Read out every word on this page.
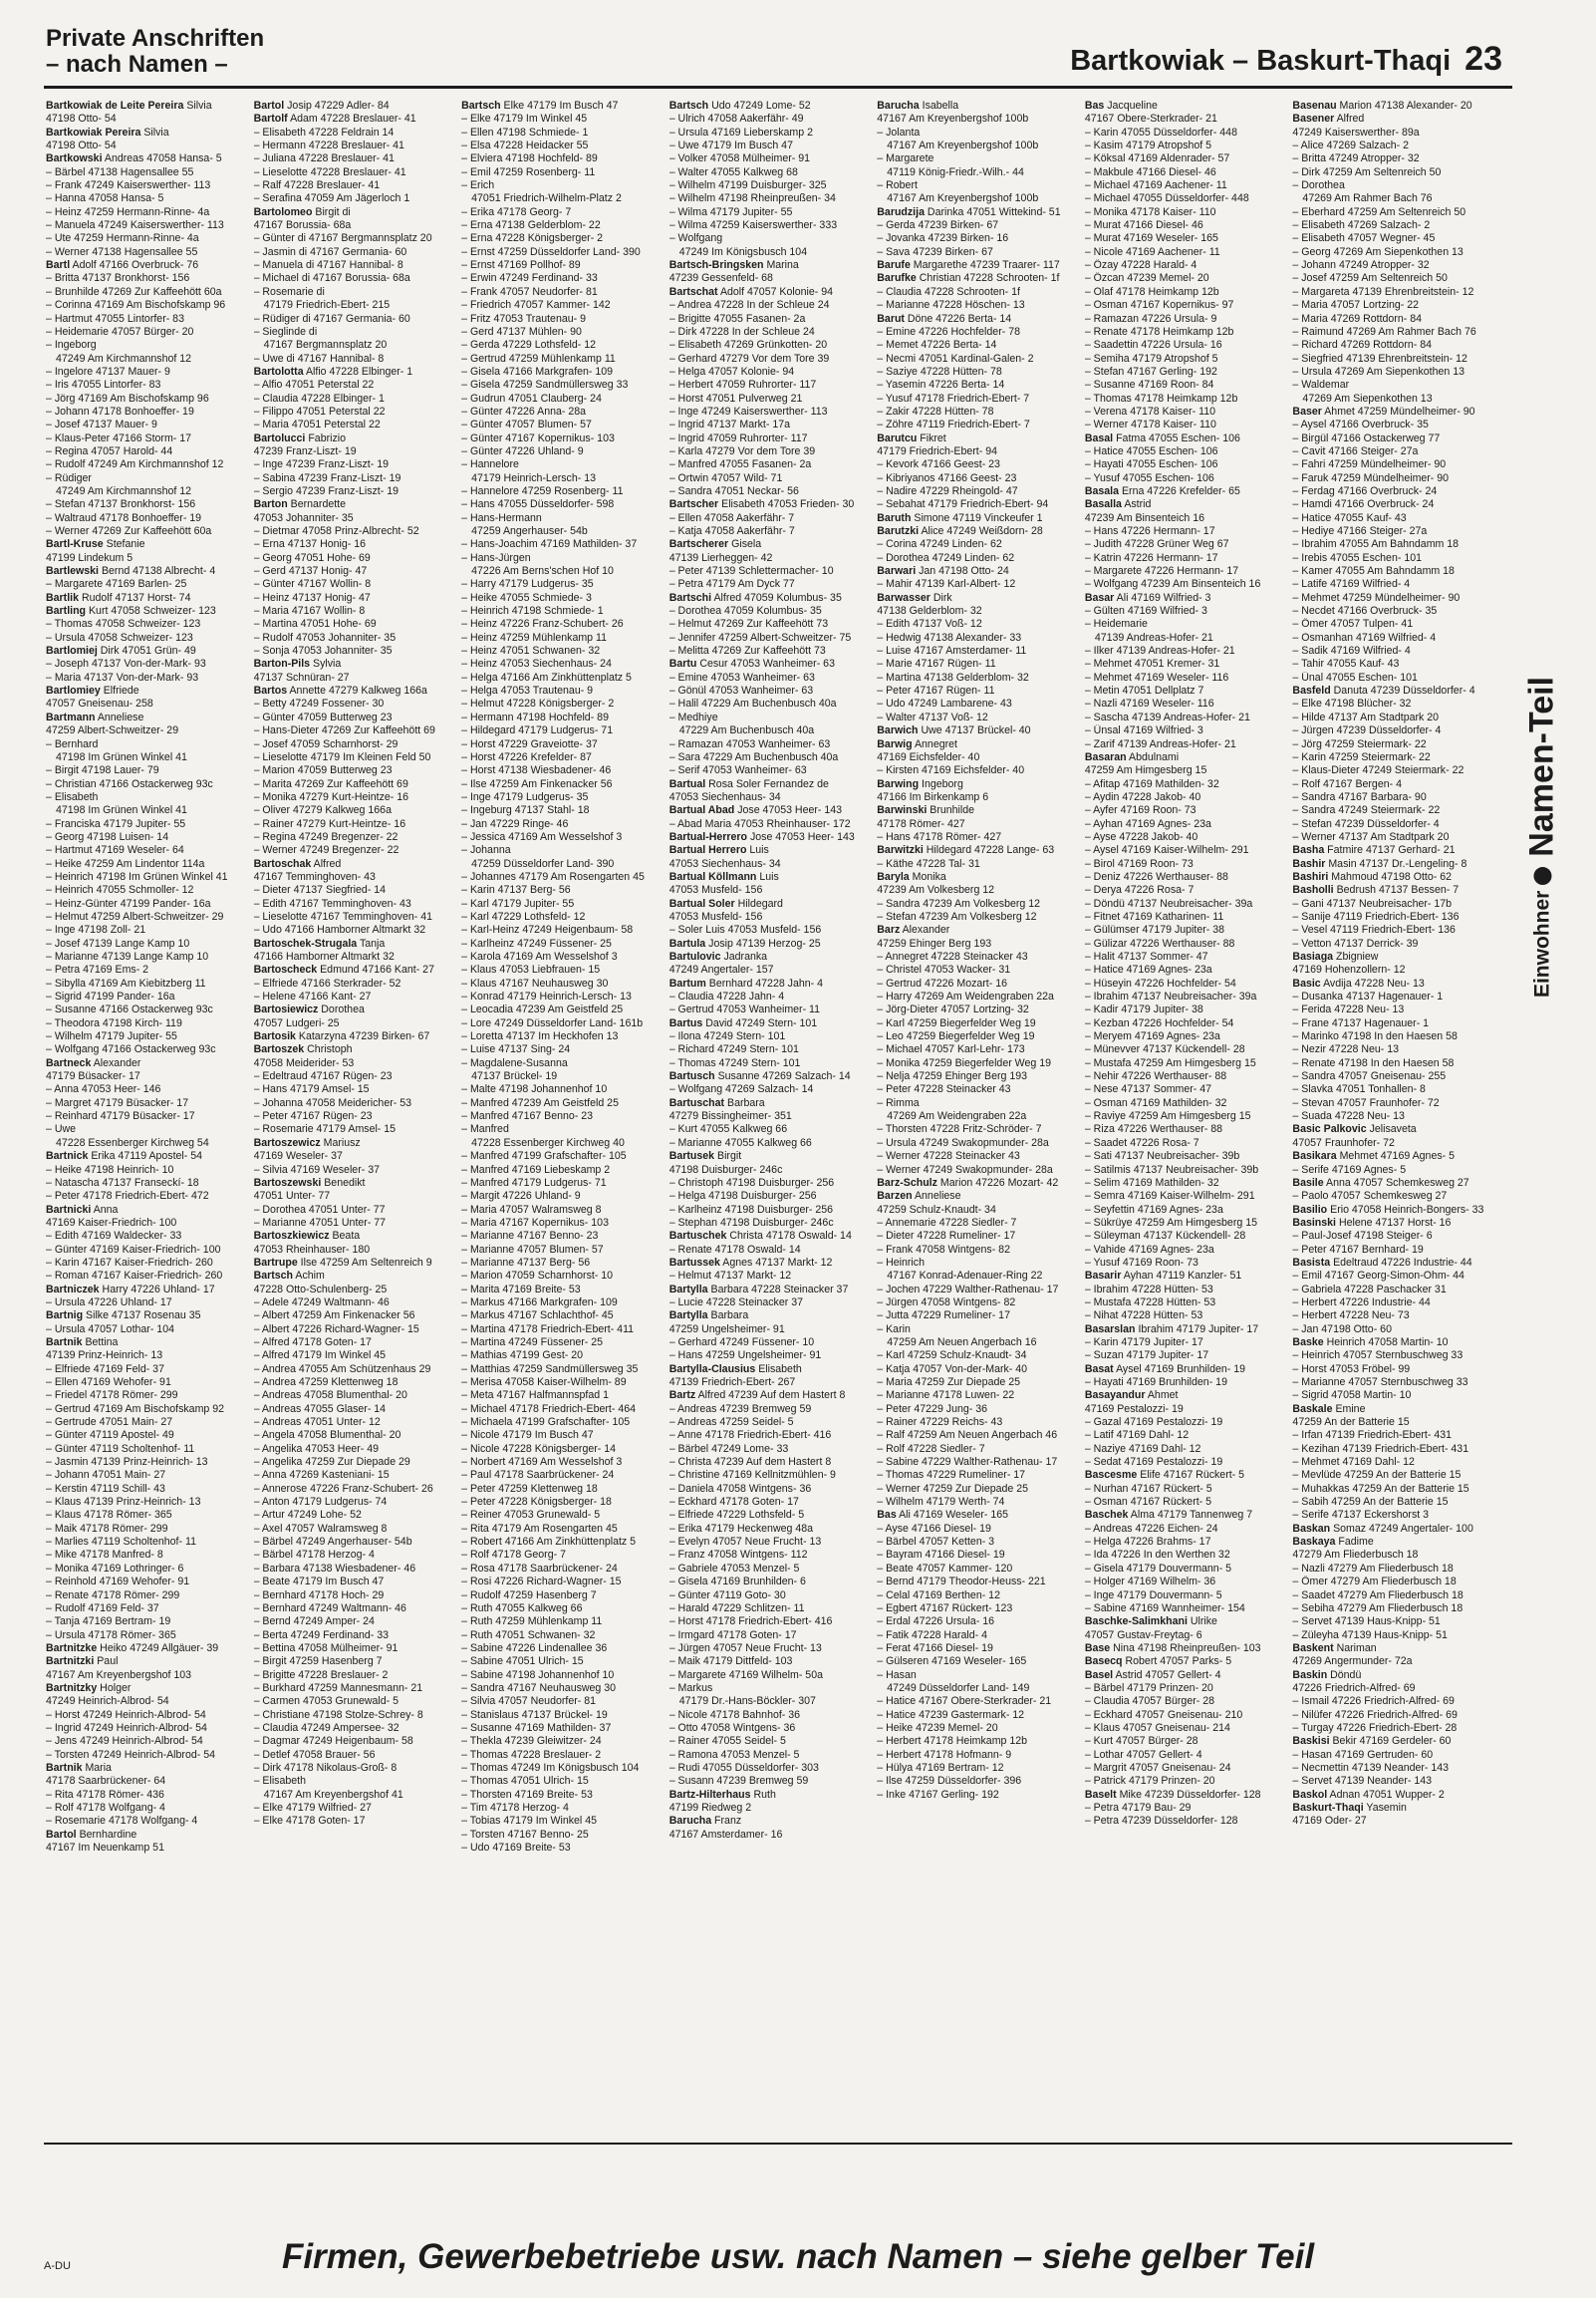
Private Anschriften
– nach Namen –	Bartkowiak – Baskurt-Thaqi 23
Bartkowiak de Leite Pereira Silvia
47198 Otto- 54
Bartkowiak Pereira Silvia
47198 Otto- 54
Bartkowski Andreas 47058 Hansa- 5
– Bärbel 47138 Hagensallee 55
– Frank 47249 Kaiserswerther- 113
– Hanna 47058 Hansa- 5
– Heinz 47259 Hermann-Rinne- 4a
– Manuela 47249 Kaiserswerther- 113
– Ute 47259 Hermann-Rinne- 4a
– Werner 47138 Hagensallee 55
Bartl Adolf 47166 Overbruck- 76
– Britta 47137 Bronkhorst- 156
– Brunhilde 47269 Zur Kaffeehött 60a
– Corinna 47169 Am Bischofskamp 96
– Hartmut 47055 Lintorfer- 83
– Heidemarie 47057 Bürger- 20
– Ingeborg
47249 Am Kirchmannshof 12
– Ingelore 47137 Mauer- 9
– Iris 47055 Lintorfer- 83
– Jörg 47169 Am Bischofskamp 96
– Johann 47178 Bonhoeffer- 19
– Josef 47137 Mauer- 9
– Klaus-Peter 47166 Storm- 17
– Regina 47057 Harold- 44
– Rudolf 47249 Am Kirchmannshof 12
– Rüdiger
47249 Am Kirchmannshof 12
– Stefan 47137 Bronkhorst- 156
– Waltraud 47178 Bonhoeffer- 19
– Werner 47269 Zur Kaffeehött 60a
Bartl-Kruse Stefanie
47199 Lindekum 5
Bartlewski Bernd 47138 Albrecht- 4
– Margarete 47169 Barlen- 25
Bartlik Rudolf 47137 Horst- 74
Bartling Kurt 47058 Schweizer- 123
– Thomas 47058 Schweizer- 123
– Ursula 47058 Schweizer- 123
Bartlomiej Dirk 47051 Grün- 49
– Joseph 47137 Von-der-Mark- 93
– Maria 47137 Von-der-Mark- 93
Bartlomiey Elfriede
47057 Gneisenau- 258
Bartmann Anneliese
47259 Albert-Schweitzer- 29
– Bernhard
47198 Im Grünen Winkel 41
– Birgit 47198 Lauer- 79
– Christian 47166 Ostackerweg 93c
– Elisabeth
47198 Im Grünen Winkel 41
– Franciska 47179 Jupiter- 55
– Georg 47198 Luisen- 14
– Hartmut 47169 Weseler- 64
– Heike 47259 Am Lindentor 114a
– Heinrich 47198 Im Grünen Winkel 41
– Heinrich 47055 Schmoller- 12
– Heinz-Günter 47199 Pander- 16a
– Helmut 47259 Albert-Schweitzer- 29
– Inge 47198 Zoll- 21
– Josef 47139 Lange Kamp 10
– Marianne 47139 Lange Kamp 10
– Petra 47169 Ems- 2
– Sibylla 47169 Am Kiebitzberg 11
– Sigrid 47199 Pander- 16a
– Susanne 47166 Ostackerweg 93c
– Theodora 47198 Kirch- 119
– Wilhelm 47179 Jupiter- 55
– Wolfgang 47166 Ostackerweg 93c
Bartneck Alexander
47179 Büsacker- 17
– Anna 47053 Heer- 146
– Margret 47179 Büsacker- 17
– Reinhard 47179 Büsacker- 17
– Uwe
47228 Essenberger Kirchweg 54
Bartnick Erika 47119 Apostel- 54
– Heike 47198 Heinrich- 10
– Natascha 47137 Franseckí- 18
– Peter 47178 Friedrich-Ebert- 472
Bartnicki Anna
47169 Kaiser-Friedrich- 100
– Edith 47169 Waldecker- 33
– Günter 47169 Kaiser-Friedrich- 100
– Karin 47167 Kaiser-Friedrich- 260
– Roman 47167 Kaiser-Friedrich- 260
Bartniczek Harry 47226 Uhland- 17
– Ursula 47226 Uhland- 17
Bartnig Silke 47137 Rosenau 35
– Ursula 47057 Lothar- 104
Bartnik Bettina
47139 Prinz-Heinrich- 13
– Elfriede 47169 Feld- 37
– Ellen 47169 Wehofer- 91
– Friedel 47178 Römer- 299
– Gertrud 47169 Am Bischofskamp 92
– Gertrude 47051 Main- 27
– Günter 47119 Apostel- 49
– Günter 47119 Scholtenhof- 11
– Jasmin 47139 Prinz-Heinrich- 13
– Johann 47051 Main- 27
– Kerstin 47119 Schill- 43
– Klaus 47139 Prinz-Heinrich- 13
– Klaus 47178 Römer- 365
– Maik 47178 Römer- 299
– Marlies 47119 Scholtenhof- 11
– Mike 47178 Manfred- 8
– Monika 47169 Lothringer- 6
– Reinhold 47169 Wehofer- 91
– Renate 47178 Römer- 299
– Rudolf 47169 Feld- 37
– Tanja 47169 Bertram- 19
– Ursula 47178 Römer- 365
Bartnitzke Heiko 47249 Allgäuer- 39
Bartnitzki Paul
47167 Am Kreyenbergshof 103
Bartnitzky Holger
47249 Heinrich-Albrod- 54
– Horst 47249 Heinrich-Albrod- 54
– Ingrid 47249 Heinrich-Albrod- 54
– Jens 47249 Heinrich-Albrod- 54
– Torsten 47249 Heinrich-Albrod- 54
Bartnik Maria
47178 Saarbrückener- 64
– Rita 47178 Römer- 436
– Rolf 47178 Wolfgang- 4
– Rosemarie 47178 Wolfgang- 4
Bartol Bernhardine
47167 Im Neuenkamp 51
Bartol Josip 47229 Adler- 84
Bartolf Adam 47228 Breslauer- 41
– Elisabeth 47228 Feldrain 14
– Hermann 47228 Breslauer- 41
– Juliana 47228 Breslauer- 41
– Lieselotte 47228 Breslauer- 41
– Ralf 47228 Breslauer- 41
– Serafina 47059 Am Jägerloch 1
Bartolomeo Birgit di
47167 Borussia- 68a
– Günter di 47167 Bergmannsplatz 20
– Jasmin di 47167 Germania- 60
– Manuela di 47167 Hannibal- 8
– Michael di 47167 Borussia- 68a
– Rosemarie di
47179 Friedrich-Ebert- 215
– Rüdiger di 47167 Germania- 60
– Sieglinde di
47167 Bergmannsplatz 20
– Uwe di 47167 Hannibal- 8
Bartolotta Alfio 47228 Elbinger- 1
– Alfio 47051 Peterstal 22
– Claudia 47228 Elbinger- 1
– Filippo 47051 Peterstal 22
– Maria 47051 Peterstal 22
Bartolucci Fabrizio
47239 Franz-Liszt- 19
– Inge 47239 Franz-Liszt- 19
– Sabina 47239 Franz-Liszt- 19
– Sergio 47239 Franz-Liszt- 19
Barton Bernardette
47053 Johanniter- 35
– Dietmar 47058 Prinz-Albrecht- 52
– Erna 47137 Honig- 16
– Georg 47051 Hohe- 69
– Gerd 47137 Honig- 47
– Günter 47167 Wollin- 8
– Heinz 47137 Honig- 47
– Maria 47167 Wollin- 8
– Martina 47051 Hohe- 69
– Rudolf 47053 Johanniter- 35
– Sonja 47053 Johanniter- 35
Barton-Pils Sylvia
47137 Schnüran- 27
Bartos Annette 47279 Kalkweg 166a
– Betty 47249 Fossener- 30
– Günter 47059 Butterweg 23
– Hans-Dieter 47269 Zur Kaffeehött 69
– Josef 47059 Scharnhorst- 29
– Lieselotte 47179 Im Kleinen Feld 50
– Marion 47059 Butterweg 23
– Marita 47269 Zur Kaffeehött 69
– Monika 47279 Kurt-Heintze- 16
– Oliver 47279 Kalkweg 166a
– Rainer 47279 Kurt-Heintze- 16
– Regina 47249 Bregenzer- 22
– Werner 47249 Bregenzer- 22
Bartoschak Alfred
47167 Temminghoven- 43
– Dieter 47137 Siegfried- 14
– Edith 47167 Temminghoven- 43
– Lieselotte 47167 Temminghoven- 41
– Udo 47166 Hamborner Altmarkt 32
Bartoschek-Strugala Tanja
47166 Hamborner Altmarkt 32
Bartoscheck Edmund 47166 Kant- 27
– Elfriede 47166 Sterkrader- 52
– Helene 47166 Kant- 27
Bartosiewicz Dorothea
47057 Ludgeri- 25
Bartosik Katarzyna 47239 Birken- 67
Bartoszek Christoph
47058 Meiderider- 53
– Edeltraud 47167 Rügen- 23
– Hans 47179 Amsel- 15
– Johanna 47058 Meidericher- 53
– Peter 47167 Rügen- 23
– Rosemarie 47179 Amsel- 15
Bartoszewicz Mariusz
47169 Weseler- 37
– Silvia 47169 Weseler- 37
Bartoszewski Benedikt
47051 Unter- 77
– Dorothea 47051 Unter- 77
– Marianne 47051 Unter- 77
Bartoszkiewicz Beata
47053 Rheinhauser- 180
Bartrupe Ilse 47259 Am Seltenreich 9
Bartsch Achim
47228 Otto-Schulenberg- 25
– Adele 47249 Waltmann- 46
– Albert 47259 Am Finkenacker 56
– Albert 47226 Richard-Wagner- 15
– Alfred 47178 Goten- 17
– Alfred 47179 Im Winkel 45
– Andrea 47055 Am Schützenhaus 29
– Andrea 47259 Klettenweg 18
– Andreas 47058 Blumenthal- 20
– Andreas 47055 Glaser- 14
– Andreas 47051 Unter- 12
– Angela 47058 Blumenthal- 20
– Angelika 47053 Heer- 49
– Angelika 47259 Zur Diepade 29
– Anna 47269 Kasteniani- 15
– Annerose 47226 Franz-Schubert- 26
– Anton 47179 Ludgerus- 74
– Artur 47249 Lohe- 52
– Axel 47057 Walramsweg 8
– Bärbel 47249 Angerhauser- 54b
– Bärbel 47178 Herzog- 4
– Barbara 47138 Wiesbadener- 46
– Beate 47179 Im Busch 47
– Bernhard 47178 Hoch- 29
– Bernhard 47249 Waltmann- 46
– Bernd 47249 Amper- 24
– Berta 47249 Ferdinand- 33
– Bettina 47058 Mülheimer- 91
– Birgit 47259 Hasenberg 7
– Brigitte 47228 Breslauer- 2
– Burkhard 47259 Mannesmann- 21
– Carmen 47053 Grunewald- 5
– Christiane 47198 Stolze-Schrey- 8
– Claudia 47249 Ampersee- 32
– Dagmar 47249 Heigenbaum- 58
– Detlef 47058 Brauer- 56
– Dirk 47178 Nikolaus-Groß- 8
– Elisabeth
47167 Am Kreyenbergshof 41
– Elke 47179 Wilfried- 27
– Elke 47178 Goten- 17
Bartsch Elke 47179 Im Busch 47
– Elke 47179 Im Winkel 45
– Ellen 47198 Schmiede- 1
– Elsa 47228 Heidacker 55
– Elviera 47198 Hochfeld- 89
– Emil 47259 Rosenberg- 11
– Erich
47051 Friedrich-Wilhelm-Platz 2
– Erika 47178 Georg- 7
– Erna 47138 Gelderblom- 22
– Erna 47228 Königsberger- 2
– Ernst 47259 Düsseldorfer Land- 390
– Ernst 47169 Pollhof- 89
– Erwin 47249 Ferdinand- 33
– Frank 47057 Neudorfer- 81
– Friedrich 47057 Kammer- 142
– Fritz 47053 Trautenau- 9
– Gerd 47137 Mühlen- 90
– Gerda 47229 Lothsfeld- 12
– Gertrud 47259 Mühlenkamp 11
– Gisela 47166 Markgrafen- 109
– Gisela 47259 Sandmüllersweg 33
– Gudrun 47051 Clauberg- 24
– Günter 47226 Anna- 28a
– Günter 47057 Blumen- 57
– Günter 47167 Kopernikus- 103
– Günter 47226 Uhland- 9
– Hannelore
47179 Heinrich-Lersch- 13
– Hannelore 47259 Rosenberg- 11
– Hans 47055 Düsseldorfer- 598
– Hans-Hermann
47259 Angerhauser- 54b
– Hans-Joachim 47169 Mathilden- 37
– Hans-Jürgen
47226 Am Berns'schen Hof 10
– Harry 47179 Ludgerus- 35
– Heike 47055 Schmiede- 3
– Heinrich 47198 Schmiede- 1
– Heinz 47226 Franz-Schubert- 26
– Heinz 47259 Mühlenkamp 11
– Heinz 47051 Schwanen- 32
– Heinz 47053 Siechenhaus- 24
– Helga 47166 Am Zinkhüttenplatz 5
– Helga 47053 Trautenau- 9
– Helmut 47228 Königsberger- 2
– Hermann 47198 Hochfeld- 89
– Hildegard 47179 Ludgerus- 71
– Horst 47229 Graveiotte- 37
– Horst 47226 Krefelder- 87
– Horst 47138 Wiesbadener- 46
– Ilse 47259 Am Finkenacker 56
– Inge 47179 Ludgerus- 35
– Ingeburg 47137 Stahl- 18
– Jan 47229 Ringe- 46
– Jessica 47169 Am Wesselshof 3
– Johanna
47259 Düsseldorfer Land- 390
– Johannes 47179 Am Rosengarten 45
– Karin 47137 Berg- 56
– Karl 47179 Jupiter- 55
– Karl 47229 Lothsfeld- 12
– Karl-Heinz 47249 Heigenbaum- 58
– Karlheinz 47249 Füssener- 25
– Karola 47169 Am Wesselshof 3
– Klaus 47053 Liebfrauen- 15
– Klaus 47167 Neuhausweg 30
– Konrad 47179 Heinrich-Lersch- 13
– Leocadia 47239 Am Geistfeld 25
– Lore 47249 Düsseldorfer Land- 161b
– Loretta 47137 Im Heckhofen 13
– Luise 47137 Sing- 24
– Magdalene-Susanna
47137 Brückel- 19
– Malte 47198 Johannenhof 10
– Manfred 47239 Am Geistfeld 25
– Manfred 47167 Benno- 23
– Manfred
47228 Essenberger Kirchweg 40
– Manfred 47199 Grafschafter- 105
– Manfred 47169 Liebeskamp 2
– Manfred 47179 Ludgerus- 71
– Margit 47226 Uhland- 9
– Maria 47057 Walramsweg 8
– Maria 47167 Kopernikus- 103
– Marianne 47167 Benno- 23
– Marianne 47057 Blumen- 57
– Marianne 47137 Berg- 56
– Marion 47059 Scharnhorst- 10
– Marita 47169 Breite- 53
– Markus 47166 Markgrafen- 109
– Markus 47167 Schlachthof- 45
– Martina 47178 Friedrich-Ebert- 411
– Martina 47249 Füssener- 25
– Mathias 47199 Gest- 20
– Matthias 47259 Sandmüllersweg 35
– Merisa 47058 Kaiser-Wilhelm- 89
– Meta 47167 Halfmannspfad 1
– Michael 47178 Friedrich-Ebert- 464
– Michaela 47199 Grafschafter- 105
– Nicole 47179 Im Busch 47
– Nicole 47228 Königsberger- 14
– Norbert 47169 Am Wesselshof 3
– Paul 47178 Saarbrückener- 24
– Peter 47259 Klettenweg 18
– Peter 47228 Königsberger- 18
– Reiner 47053 Grunewald- 5
– Rita 47179 Am Rosengarten 45
– Robert 47166 Am Zinkhüttenplatz 5
– Rolf 47178 Georg- 7
– Rosa 47178 Saarbrückener- 24
– Rosi 47226 Richard-Wagner- 15
– Rudolf 47259 Hasenberg 7
– Ruth 47055 Kalkweg 66
– Ruth 47259 Mühlenkamp 11
– Ruth 47051 Schwanen- 32
– Sabine 47226 Lindenallee 36
– Sabine 47051 Ulrich- 15
– Sabine 47198 Johannenhof 10
– Sandra 47167 Neuhausweg 30
– Silvia 47057 Neudorfer- 81
– Stanislaus 47137 Brückel- 19
– Susanne 47169 Mathilden- 37
– Thekla 47239 Gleiwitzer- 24
– Thomas 47228 Breslauer- 2
– Thomas 47249 Im Königsbusch 104
– Thomas 47051 Ulrich- 15
– Thorsten 47169 Breite- 53
– Tim 47178 Herzog- 4
– Tobias 47179 Im Winkel 45
– Torsten 47167 Benno- 25
– Udo 47169 Breite- 53
Bartsch Udo 47249 Lome- 52
– Ulrich 47058 Aakerfähr- 49
– Ursula 47169 Lieberskamp 2
– Uwe 47179 Im Busch 47
– Volker 47058 Mülheimer- 91
– Walter 47055 Kalkweg 68
– Wilhelm 47199 Duisburger- 325
– Wilhelm 47198 Rheinpreußen- 34
– Wilma 47179 Jupiter- 55
– Wilma 47259 Kaiserswerther- 333
– Wolfgang
47249 Im Königsbusch 104
Bartsch-Bringsken Marina
47239 Gessenfeld- 68
Bartschat Adolf 47057 Kolonie- 94
– Andrea 47228 In der Schleue 24
– Brigitte 47055 Fasanen- 2a
– Dirk 47228 In der Schleue 24
– Elisabeth 47269 Grünkotten- 20
– Gerhard 47279 Vor dem Tore 39
– Helga 47057 Kolonie- 94
– Herbert 47059 Ruhrorter- 117
– Horst 47051 Pulverweg 21
– Inge 47249 Kaiserswerther- 113
– Ingrid 47137 Markt- 17a
– Ingrid 47059 Ruhrorter- 117
– Karla 47279 Vor dem Tore 39
– Manfred 47055 Fasanen- 2a
– Ortwin 47057 Wild- 71
– Sandra 47051 Neckar- 56
Bartscher Elisabeth 47053 Frieden- 30
– Ellen 47058 Aakerfähr- 7
– Katja 47058 Aakerfähr- 7
Bartscherer Gisela
47139 Lierheggen- 42
– Peter 47139 Schlettermacher- 10
– Petra 47179 Am Dyck 77
Bartschi Alfred 47059 Kolumbus- 35
– Dorothea 47059 Kolumbus- 35
– Helmut 47269 Zur Kaffeehött 73
– Jennifer 47259 Albert-Schweitzer- 75
– Melitta 47269 Zur Kaffeehött 73
Bartu Cesur 47053 Wanheimer- 63
– Emine 47053 Wanheimer- 63
– Gönül 47053 Wanheimer- 63
– Halil 47229 Am Buchenbusch 40a
– Medhiye
47229 Am Buchenbusch 40a
– Ramazan 47053 Wanheimer- 63
– Sara 47229 Am Buchenbusch 40a
– Serif 47053 Wanheimer- 63
Bartual Rosa Soler Fernandez de
47053 Siechenhaus- 34
Bartual Abad Jose 47053 Heer- 143
– Abad Maria 47053 Rheinhauser- 172
Bartual-Herrero Jose 47053 Heer- 143
Bartual Herrero Luis
47053 Siechenhaus- 34
Bartual Köllmann Luis
47053 Musfeld- 156
Bartual Soler Hildegard
47053 Musfeld- 156
– Soler Luis 47053 Musfeld- 156
Bartula Josip 47139 Herzog- 25
Bartulovic Jadranka
47249 Angertaler- 157
Bartum Bernhard 47228 Jahn- 4
– Claudia 47228 Jahn- 4
– Gertrud 47053 Wanheimer- 11
Bartus David 47249 Stern- 101
– Ilona 47249 Stern- 101
– Richard 47249 Stern- 101
– Thomas 47249 Stern- 101
Bartusch Susanne 47269 Salzach- 14
– Wolfgang 47269 Salzach- 14
Bartuschat Barbara
47279 Bissingheimer- 351
– Kurt 47055 Kalkweg 66
– Marianne 47055 Kalkweg 66
Bartusek Birgit
47198 Duisburger- 246c
– Christoph 47198 Duisburger- 256
– Helga 47198 Duisburger- 256
– Karlheinz 47198 Duisburger- 256
– Stephan 47198 Duisburger- 246c
Bartuschek Christa 47178 Oswald- 14
– Renate 47178 Oswald- 14
Bartussek Agnes 47137 Markt- 12
– Helmut 47137 Markt- 12
Bartylla Barbara 47228 Steinacker 37
– Lucie 47228 Steinacker 37
Bartylla Barbara
47259 Ungelsheimer- 91
– Gerhard 47249 Füssener- 10
– Hans 47259 Ungelsheimer- 91
Bartylla-Clausius Elisabeth
47139 Friedrich-Ebert- 267
Bartz Alfred 47239 Auf dem Hastert 8
– Andreas 47239 Bremweg 59
– Andreas 47259 Seidel- 5
– Anne 47178 Friedrich-Ebert- 416
– Bärbel 47249 Lome- 33
– Christa 47239 Auf dem Hastert 8
– Christine 47169 Kellnitzmühlen- 9
– Daniela 47058 Wintgens- 36
– Eckhard 47178 Goten- 17
– Elfriede 47229 Lothsfeld- 5
– Erika 47179 Heckenweg 48a
– Evelyn 47057 Neue Frucht- 13
– Franz 47058 Wintgens- 112
– Gabriele 47053 Menzel- 5
– Gisela 47169 Brunhilden- 6
– Günter 47119 Goto- 30
– Harald 47229 Schlitzen- 11
– Horst 47178 Friedrich-Ebert- 416
– Irmgard 47178 Goten- 17
– Jürgen 47057 Neue Frucht- 13
– Maik 47179 Dittfeld- 103
– Margarete 47169 Wilhelm- 50a
– Markus
47179 Dr.-Hans-Böckler- 307
– Nicole 47178 Bahnhof- 36
– Otto 47058 Wintgens- 36
– Rainer 47055 Seidel- 5
– Ramona 47053 Menzel- 5
– Rudi 47055 Düsseldorfer- 303
– Susann 47239 Bremweg 59
Bartz-Hilterhaus Ruth
47199 Riedweg 2
Barucha Franz
47167 Amsterdamer- 16
Barucha Isabella
47167 Am Kreyenbergshof 100b
– Jolanta
47167 Am Kreyenbergshof 100b
– Margarete
47119 König-Friedr.-Wilh.- 44
– Robert
47167 Am Kreyenbergshof 100b
Barudzija Darinka 47051 Wittekind- 51
– Gerda 47239 Birken- 67
– Jovanka 47239 Birken- 16
– Sava 47239 Birken- 67
Barufe Margarethe 47239 Traarer- 117
Barufke Christian 47228 Schrooten- 1f
– Claudia 47228 Schrooten- 1f
– Marianne 47228 Höschen- 13
Barut Döne 47226 Berta- 14
– Emine 47226 Hochfelder- 78
– Memet 47226 Berta- 14
– Necmi 47051 Kardinal-Galen- 2
– Saziye 47228 Hütten- 78
– Yasemin 47226 Berta- 14
– Yusuf 47178 Friedrich-Ebert- 7
– Zakir 47228 Hütten- 78
– Zöhre 47119 Friedrich-Ebert- 7
Barutcu Fikret
47179 Friedrich-Ebert- 94
– Kevork 47166 Geest- 23
– Kibriyanos 47166 Geest- 23
– Nadire 47229 Rheingold- 47
– Sebahat 47179 Friedrich-Ebert- 94
Baruth Simone 47119 Vinckeufer 1
Barutzki Alice 47249 Weißdorn- 28
– Corina 47249 Linden- 62
– Dorothea 47249 Linden- 62
Barwari Jan 47198 Otto- 24
– Mahir 47139 Karl-Albert- 12
Barwasser Dirk
47138 Gelderblom- 32
– Edith 47137 Voß- 12
– Hedwig 47138 Alexander- 33
– Luise 47167 Amsterdamer- 11
– Marie 47167 Rügen- 11
– Martina 47138 Gelderblom- 32
– Peter 47167 Rügen- 11
– Udo 47249 Lambarene- 43
– Walter 47137 Voß- 12
Barwich Uwe 47137 Brückel- 40
Barwig Annegret
47169 Eichsfelder- 40
– Kirsten 47169 Eichsfelder- 40
Barwing Ingeborg
47166 Im Birkenkamp 6
Barwinski Brunhilde
47178 Römer- 427
– Hans 47178 Römer- 427
Barwitzki Hildegard 47228 Lange- 63
– Käthe 47228 Tal- 31
Baryla Monika
47239 Am Volkesberg 12
– Sandra 47239 Am Volkesberg 12
– Stefan 47239 Am Volkesberg 12
Barz Alexander
47259 Ehinger Berg 193
– Annegret 47228 Steinacker 43
– Christel 47053 Wacker- 31
– Gertrud 47226 Mozart- 16
– Harry 47269 Am Weidengraben 22a
– Jörg-Dieter 47057 Lortzing- 32
– Karl 47259 Biegerfelder Weg 19
– Leo 47259 Biegerfelder Weg 19
– Michael 47057 Karl-Lehr- 173
– Monika 47259 Biegerfelder Weg 19
– Nelja 47259 Ehinger Berg 193
– Peter 47228 Steinacker 43
– Rimma
47269 Am Weidengraben 22a
– Thorsten 47228 Fritz-Schröder- 7
– Ursula 47249 Swakopmunder- 28a
– Werner 47228 Steinacker 43
– Werner 47249 Swakopmunder- 28a
Barz-Schulz Marion 47226 Mozart- 42
Barzen Anneliese
47259 Schulz-Knaudt- 34
– Annemarie 47228 Siedler- 7
– Dieter 47228 Rumeliner- 17
– Frank 47058 Wintgens- 82
– Heinrich
47167 Konrad-Adenauer-Ring 22
– Jochen 47229 Walther-Rathenau- 17
– Jürgen 47058 Wintgens- 82
– Jutta 47229 Rumeliner- 17
– Karin
47259 Am Neuen Angerbach 16
– Karl 47259 Schulz-Knaudt- 34
– Katja 47057 Von-der-Mark- 40
– Maria 47259 Zur Diepade 25
– Marianne 47178 Luwen- 22
– Peter 47229 Jung- 36
– Rainer 47229 Reichs- 43
– Ralf 47259 Am Neuen Angerbach 46
– Rolf 47228 Siedler- 7
– Sabine 47229 Walther-Rathenau- 17
– Thomas 47229 Rumeliner- 17
– Werner 47259 Zur Diepade 25
– Wilhelm 47179 Werth- 74
Bas Ali 47169 Weseler- 165
– Ayse 47166 Diesel- 19
– Bärbel 47057 Ketten- 3
– Bayram 47166 Diesel- 19
– Beate 47057 Kammer- 120
– Bernd 47179 Theodor-Heuss- 221
– Celal 47169 Berthen- 12
– Egbert 47167 Rückert- 123
– Erdal 47226 Ursula- 16
– Fatik 47228 Harald- 4
– Ferat 47166 Diesel- 19
– Gülseren 47169 Weseler- 165
– Hasan
47249 Düsseldorfer Land- 149
– Hatice 47167 Obere-Sterkrader- 21
– Hatice 47239 Gastermark- 12
– Heike 47239 Memel- 20
– Herbert 47178 Heimkamp 12b
– Herbert 47178 Hofmann- 9
– Hülya 47169 Bertram- 12
– Ilse 47259 Düsseldorfer- 396
– Inke 47167 Gerling- 192
Bas Jacqueline
47167 Obere-Sterkrader- 21
– Karin 47055 Düsseldorfer- 448
– Kasim 47179 Atropshof 5
– Köksal 47169 Aldenrader- 57
– Makbule 47166 Diesel- 46
– Michael 47169 Aachener- 11
– Michael 47055 Düsseldorfer- 448
– Monika 47178 Kaiser- 110
– Murat 47166 Diesel- 46
– Murat 47169 Weseler- 165
– Nicole 47169 Aachener- 11
– Özay 47228 Harald- 4
– Özcan 47239 Memel- 20
– Olaf 47178 Heimkamp 12b
– Osman 47167 Kopernikus- 97
– Ramazan 47226 Ursula- 9
– Renate 47178 Heimkamp 12b
– Saadettin 47226 Ursula- 16
– Semiha 47179 Atropshof 5
– Stefan 47167 Gerling- 192
– Susanne 47169 Roon- 84
– Thomas 47178 Heimkamp 12b
– Verena 47178 Kaiser- 110
– Werner 47178 Kaiser- 110
Basal Fatma 47055 Eschen- 106
– Hatice 47055 Eschen- 106
– Hayati 47055 Eschen- 106
– Yusuf 47055 Eschen- 106
Basala Erna 47226 Krefelder- 65
Basalla Astrid
47239 Am Binsenteich 16
– Hans 47226 Hermann- 17
– Judith 47228 Grüner Weg 67
– Katrin 47226 Hermann- 17
– Margarete 47226 Hermann- 17
– Wolfgang 47239 Am Binsenteich 16
Basar Ali 47169 Wilfried- 3
– Gülten 47169 Wilfried- 3
– Heidemarie
47139 Andreas-Hofer- 21
– Ilker 47139 Andreas-Hofer- 21
– Mehmet 47051 Kremer- 31
– Mehmet 47169 Weseler- 116
– Metin 47051 Dellplatz 7
– Nazli 47169 Weseler- 116
– Sascha 47139 Andreas-Hofer- 21
– Ünsal 47169 Wilfried- 3
– Zarif 47139 Andreas-Hofer- 21
Basaran Abdulnami
47259 Am Himgesberg 15
– Afitap 47169 Mathilden- 32
– Aydin 47228 Jakob- 40
– Ayfer 47169 Roon- 73
– Ayhan 47169 Agnes- 23a
– Ayse 47228 Jakob- 40
– Aysel 47169 Kaiser-Wilhelm- 291
– Birol 47169 Roon- 73
– Deniz 47226 Werthauser- 88
– Derya 47226 Rosa- 7
– Döndü 47137 Neubreisacher- 39a
– Fitnet 47169 Katharinen- 11
– Gülümser 47179 Jupiter- 38
– Gülizar 47226 Werthauser- 88
– Halit 47137 Sommer- 47
– Hatice 47169 Agnes- 23a
– Hüseyin 47226 Hochfelder- 54
– Ibrahim 47137 Neubreisacher- 39a
– Kadir 47179 Jupiter- 38
– Kezban 47226 Hochfelder- 54
– Meryem 47169 Agnes- 23a
– Münevver 47137 Kückendell- 28
– Mustafa 47259 Am Himgesberg 15
– Nehir 47226 Werthauser- 88
– Nese 47137 Sommer- 47
– Osman 47169 Mathilden- 32
– Raviye 47259 Am Himgesberg 15
– Riza 47226 Werthauser- 88
– Saadet 47226 Rosa- 7
– Sati 47137 Neubreisacher- 39b
– Satilmis 47137 Neubreisacher- 39b
– Selim 47169 Mathilden- 32
– Semra 47169 Kaiser-Wilhelm- 291
– Seyfettin 47169 Agnes- 23a
– Sükrüye 47259 Am Himgesberg 15
– Süleyman 47137 Kückendell- 28
– Vahide 47169 Agnes- 23a
– Yusuf 47169 Roon- 73
Basarir Ayhan 47119 Kanzler- 51
– Ibrahim 47228 Hütten- 53
– Mustafa 47228 Hütten- 53
– Nihat 47228 Hütten- 53
Basarslan Ibrahim 47179 Jupiter- 17
– Karin 47179 Jupiter- 17
– Suzan 47179 Jupiter- 17
Basat Aysel 47169 Brunhilden- 19
– Hayati 47169 Brunhilden- 19
Basayandur Ahmet
47169 Pestalozzi- 19
– Gazal 47169 Pestalozzi- 19
– Latif 47169 Dahl- 12
– Naziye 47169 Dahl- 12
– Sedat 47169 Pestalozzi- 19
Bascesme Elife 47167 Rückert- 5
– Nurhan 47167 Rückert- 5
– Osman 47167 Rückert- 5
Baschek Alma 47179 Tannenweg 7
– Andreas 47226 Eichen- 24
– Helga 47226 Brahms- 17
– Ida 47226 In den Werthen 32
– Gisela 47179 Douvermann- 5
– Holger 47169 Wilhelm- 36
– Inge 47179 Douvermann- 5
– Sabine 47169 Wannheimer- 154
Baschke-Salimkhani Ulrike
47057 Gustav-Freytag- 6
Base Nina 47198 Rheinpreußen- 103
Basecq Robert 47057 Parks- 5
Basel Astrid 47057 Gellert- 4
– Bärbel 47179 Prinzen- 20
– Claudia 47057 Bürger- 28
– Eckhard 47057 Gneisenau- 210
– Klaus 47057 Gneisenau- 214
– Kurt 47057 Bürger- 28
– Lothar 47057 Gellert- 4
– Margrit 47057 Gneisenau- 24
– Patrick 47179 Prinzen- 20
Baselt Mike 47239 Düsseldorfer- 128
– Petra 47179 Bau- 29
– Petra 47239 Düsseldorfer- 128
Basenau Marion 47138 Alexander- 20
Basener Alfred
47249 Kaiserswerther- 89a
– Alice 47269 Salzach- 2
– Britta 47249 Atropper- 32
– Dirk 47259 Am Seltenreich 50
– Dorothea
47269 Am Rahmer Bach 76
– Eberhard 47259 Am Seltenreich 50
– Elisabeth 47269 Salzach- 2
– Elisabeth 47057 Wegner- 45
– Georg 47269 Am Siepenkothen 13
– Johann 47249 Atropper- 32
– Josef 47259 Am Seltenreich 50
– Margareta 47139 Ehrenbreitstein- 12
– Maria 47057 Lortzing- 22
– Maria 47269 Rottdorn- 84
– Raimund 47269 Am Rahmer Bach 76
– Richard 47269 Rottdorn- 84
– Siegfried 47139 Ehrenbreitstein- 12
– Ursula 47269 Am Siepenkothen 13
– Waldemar
47269 Am Siepenkothen 13
Baser Ahmet 47259 Mündelheimer- 90
– Aysel 47166 Overbruck- 35
– Birgül 47166 Ostackerweg 77
– Cavit 47166 Steiger- 27a
– Fahri 47259 Mündelheimer- 90
– Faruk 47259 Mündelheimer- 90
– Ferdag 47166 Overbruck- 24
– Hamdi 47166 Overbruck- 24
– Hatice 47055 Kauf- 43
– Hediye 47166 Steiger- 27a
– Ibrahim 47055 Am Bahndamm 18
– Irebis 47055 Eschen- 101
– Kamer 47055 Am Bahndamm 18
– Latife 47169 Wilfried- 4
– Mehmet 47259 Mündelheimer- 90
– Necdet 47166 Overbruck- 35
– Ömer 47057 Tulpen- 41
– Osmanhan 47169 Wilfried- 4
– Sadik 47169 Wilfried- 4
– Tahir 47055 Kauf- 43
– Ünal 47055 Eschen- 101
Basfeld Danuta 47239 Düsseldorfer- 4
– Elke 47198 Blücher- 32
– Hilde 47137 Am Stadtpark 20
– Jürgen 47239 Düsseldorfer- 4
– Jörg 47259 Steiermark- 22
– Karin 47259 Steiermark- 22
– Klaus-Dieter 47249 Steiermark- 22
– Rolf 47167 Bergen- 4
– Sandra 47167 Barbara- 90
– Sandra 47249 Steiermark- 22
– Stefan 47239 Düsseldorfer- 4
– Werner 47137 Am Stadtpark 20
Basha Fatmire 47137 Gerhard- 21
Bashir Masin 47137 Dr.-Lengeling- 8
Bashiri Mahmoud 47198 Otto- 62
Basholli Bedrush 47137 Bessen- 7
– Gani 47137 Neubreisacher- 17b
– Sanije 47119 Friedrich-Ebert- 136
– Vesel 47119 Friedrich-Ebert- 136
– Vetton 47137 Derrick- 39
Basiaga Zbigniew
47169 Hohenzollern- 12
Basic Avdija 47228 Neu- 13
– Dusanka 47137 Hagenauer- 1
– Ferida 47228 Neu- 13
– Frane 47137 Hagenauer- 1
– Marinko 47198 In den Haesen 58
– Nezir 47228 Neu- 13
– Renate 47198 In den Haesen 58
– Sandra 47057 Gneisenau- 255
– Slavka 47051 Tonhallen- 8
– Stevan 47057 Fraunhofer- 72
– Suada 47228 Neu- 13
Basic Palkovic Jelisaveta
47057 Fraunhofer- 72
Basikara Mehmet 47169 Agnes- 5
– Serife 47169 Agnes- 5
Basile Anna 47057 Schemkesweg 27
– Paolo 47057 Schemkesweg 27
Basilio Erio 47058 Heinrich-Bongers- 33
Basinski Helene 47137 Horst- 16
– Paul-Josef 47198 Steiger- 6
– Peter 47167 Bernhard- 19
Basista Edeltraud 47226 Industrie- 44
– Emil 47167 Georg-Simon-Ohm- 44
– Gabriela 47228 Paschacker 31
– Herbert 47226 Industrie- 44
– Herbert 47228 Neu- 73
– Jan 47198 Otto- 60
Baske Heinrich 47058 Martin- 10
– Heinrich 47057 Sternbuschweg 33
– Horst 47053 Fröbel- 99
– Marianne 47057 Sternbuschweg 33
– Sigrid 47058 Martin- 10
Baskale Emine
47259 An der Batterie 15
– Irfan 47139 Friedrich-Ebert- 431
– Kezihan 47139 Friedrich-Ebert- 431
– Mehmet 47169 Dahl- 12
– Mevlüde 47259 An der Batterie 15
– Muhakkas 47259 An der Batterie 15
– Sabih 47259 An der Batterie 15
– Serife 47137 Eckershorst 3
Baskan Somaz 47249 Angertaler- 100
Baskaya Fadime
47279 Am Fliederbusch 18
– Nazli 47279 Am Fliederbusch 18
– Ömer 47279 Am Fliederbusch 18
– Saadet 47279 Am Fliederbusch 18
– Sebiha 47279 Am Fliederbusch 18
– Servet 47139 Haus-Knipp- 51
– Züleyha 47139 Haus-Knipp- 51
Baskent Nariman
47269 Angermunder- 72a
Baskin Döndü
47226 Friedrich-Alfred- 69
– Ismail 47226 Friedrich-Alfred- 69
– Nilüfer 47226 Friedrich-Alfred- 69
– Turgay 47226 Friedrich-Ebert- 28
Baskisi Bekir 47169 Gerdeler- 60
– Hasan 47169 Gertruden- 60
– Necmettin 47139 Neander- 143
– Servet 47139 Neander- 143
Baskol Adnan 47051 Wupper- 2
Baskurt-Thaqi Yasemin
47169 Oder- 27
Einwohner
Namen-Teil
A-DU	Firmen, Gewerbebetriebe usw. nach Namen – siehe gelber Teil
